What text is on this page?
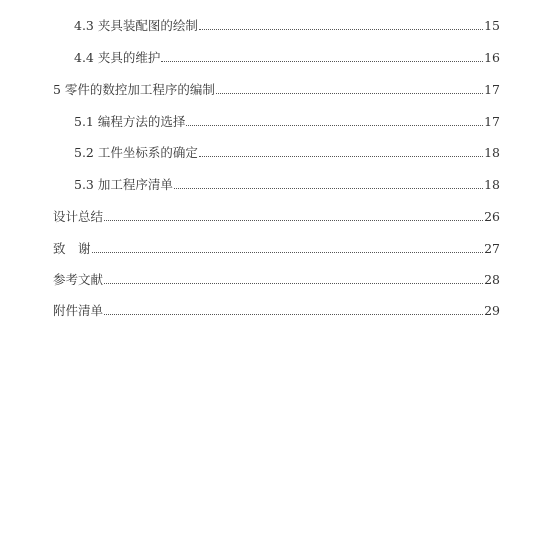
4.3 夹具装配图的绘制	15
4.4 夹具的维护	16
5 零件的数控加工程序的编制	17
5.1 编程方法的选择	17
5.2 工件坐标系的确定	18
5.3 加工程序清单	18
设计总结	26
致　谢	27
参考文献	28
附件清单	29
